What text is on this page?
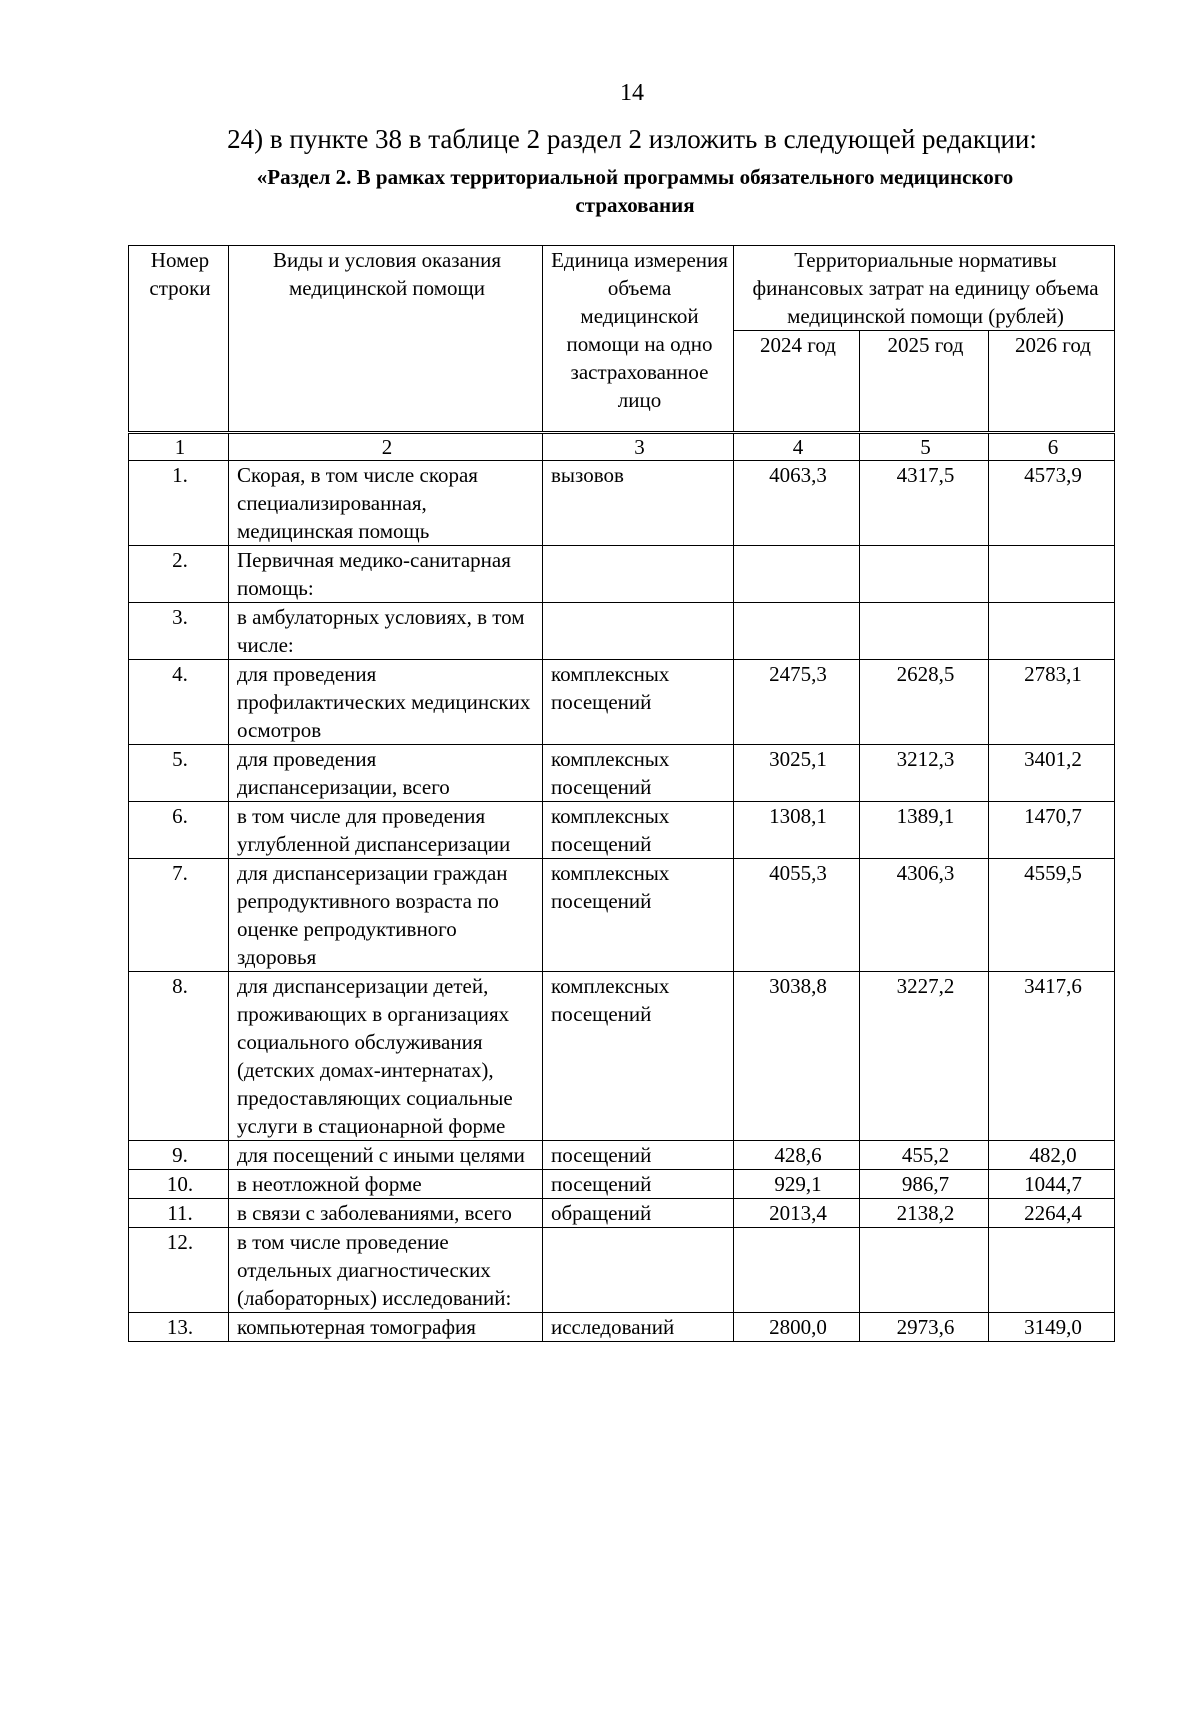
14
24) в пункте 38 в таблице 2 раздел 2 изложить в следующей редакции:
«Раздел 2. В рамках территориальной программы обязательного медицинского
страхования
Номер строки	Виды и условия оказания медицинской помощи	Единица измерения объема медицинской помощи на одно застрахованное лицо	Территориальные нормативы финансовых затрат на единицу объема медицинской помощи (рублей)		
			2024 год	2025 год	2026 год
1	2	3	4	5	6
1.	Скорая, в том числе скорая специализированная, медицинская помощь	вызовов	4063,3	4317,5	4573,9
2.	Первичная медико-санитарная помощь:				
3.	в амбулаторных условиях, в том числе:				
4.	для проведения профилактических медицинских осмотров	комплексных посещений	2475,3	2628,5	2783,1
5.	для проведения диспансеризации, всего	комплексных посещений	3025,1	3212,3	3401,2
6.	в том числе для проведения углубленной диспансеризации	комплексных посещений	1308,1	1389,1	1470,7
7.	для диспансеризации граждан репродуктивного возраста по оценке репродуктивного здоровья	комплексных посещений	4055,3	4306,3	4559,5
8.	для диспансеризации детей, проживающих в организациях социального обслуживания (детских домах-интернатах), предоставляющих социальные услуги в стационарной форме	комплексных посещений	3038,8	3227,2	3417,6
9.	для посещений с иными целями	посещений	428,6	455,2	482,0
10.	в неотложной форме	посещений	929,1	986,7	1044,7
11.	в связи с заболеваниями, всего	обращений	2013,4	2138,2	2264,4
12.	в том числе проведение отдельных диагностических (лабораторных) исследований:				
13.	компьютерная томография	исследований	2800,0	2973,6	3149,0
